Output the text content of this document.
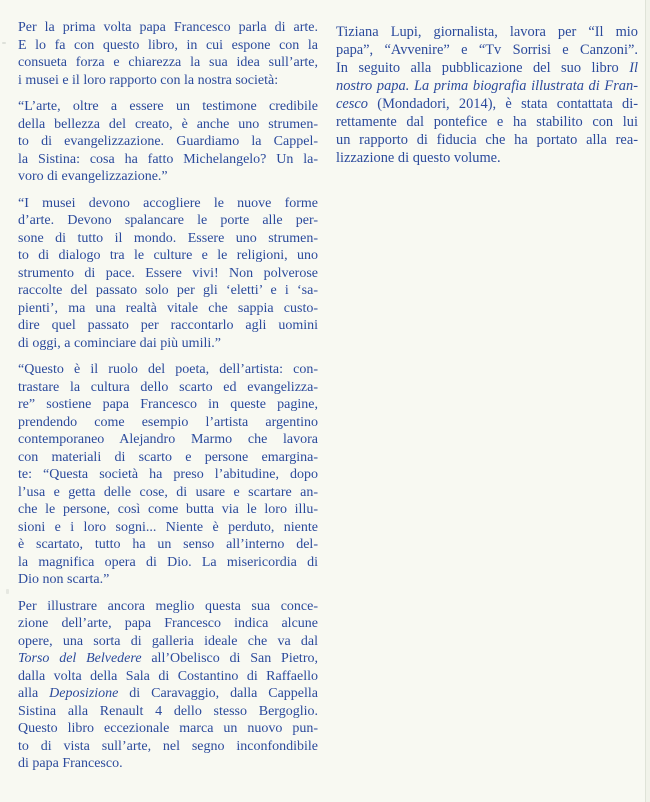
Per la prima volta papa Francesco parla di arte.
E lo fa con questo libro, in cui espone con la
consueta forza e chiarezza la sua idea sull’arte,
i musei e il loro rapporto con la nostra società:
“L’arte, oltre a essere un testimone credibile
della bellezza del creato, è anche uno strumen-
to di evangelizzazione. Guardiamo la Cappel-
la Sistina: cosa ha fatto Michelangelo? Un la-
voro di evangelizzazione.”
“I musei devono accogliere le nuove forme
d’arte. Devono spalancare le porte alle per-
sone di tutto il mondo. Essere uno strumen-
to di dialogo tra le culture e le religioni, uno
strumento di pace. Essere vivi! Non polverose
raccolte del passato solo per gli ‘eletti’ e i ‘sa-
pienti’, ma una realtà vitale che sappia custo-
dire quel passato per raccontarlo agli uomini
di oggi, a cominciare dai più umili.”
“Questo è il ruolo del poeta, dell’artista: con-
trastare la cultura dello scarto ed evangelizza-
re” sostiene papa Francesco in queste pagine,
prendendo come esempio l’artista argentino
contemporaneo Alejandro Marmo che lavora
con materiali di scarto e persone emargina-
te: “Questa società ha preso l’abitudine, dopo
l’usa e getta delle cose, di usare e scartare an-
che le persone, così come butta via le loro illu-
sioni e i loro sogni... Niente è perduto, niente
è scartato, tutto ha un senso all’interno del-
la magnifica opera di Dio. La misericordia di
Dio non scarta.”
Per illustrare ancora meglio questa sua conce-
zione dell’arte, papa Francesco indica alcune
opere, una sorta di galleria ideale che va dal
Torso del Belvedere all’Obelisco di San Pietro,
dalla volta della Sala di Costantino di Raffaello
alla Deposizione di Caravaggio, dalla Cappella
Sistina alla Renault 4 dello stesso Bergoglio.
Questo libro eccezionale marca un nuovo pun-
to di vista sull’arte, nel segno inconfondibile
di papa Francesco.
Tiziana Lupi, giornalista, lavora per “Il mio
papa”, “Avvenire” e “Tv Sorrisi e Canzoni”.
In seguito alla pubblicazione del suo libro Il
nostro papa. La prima biografia illustrata di Fran-
cesco (Mondadori, 2014), è stata contattata di-
rettamente dal pontefice e ha stabilito con lui
un rapporto di fiducia che ha portato alla rea-
lizzazione di questo volume.
